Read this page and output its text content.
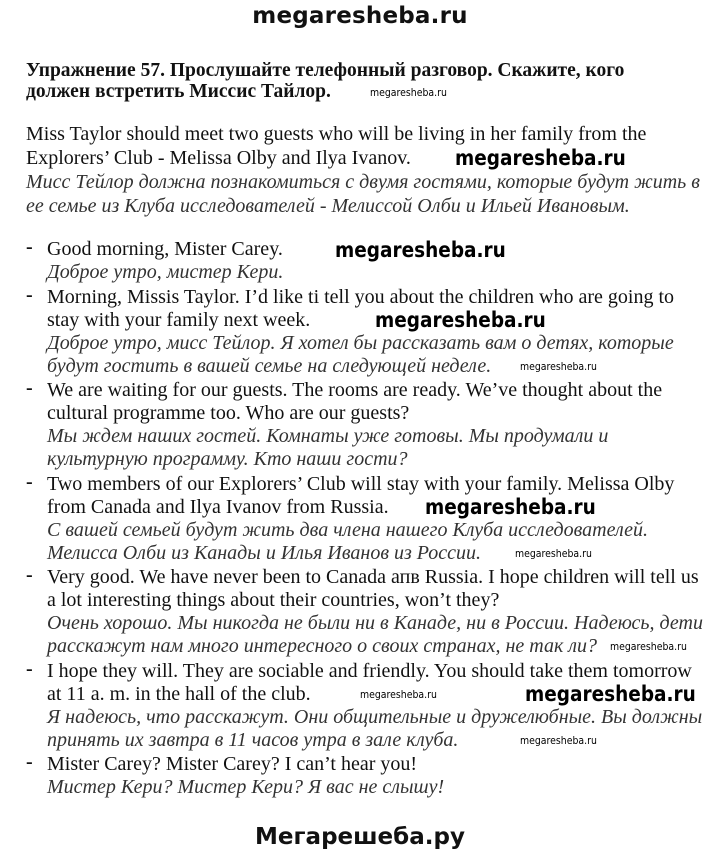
megaresheba.ru
Упражнение 57. Прослушайте телефонный разговор. Скажите, кого
должен встретить Миссис Тайлор.
Miss Taylor should meet two guests who will be living in her family from the
Explorers’ Club - Melissa Olby and Ilya Ivanov.
Мисс Тейлор должна познакомиться с двумя гостями, которые будут жить в
ее семье из Клуба исследователей - Мелиссой Олби и Ильей Ивановым.
- Good morning, Mister Carey.
Доброе утро, мистер Кери.
- Morning, Missis Taylor. I’d like ti tell you about the children who are going to
stay with your family next week.
Доброе утро, мисс Тейлор. Я хотел бы рассказать вам о детях, которые
будут гостить в вашей семье на следующей неделе.
- We are waiting for our guests. The rooms are ready. We’ve thought about the
cultural programme too. Who are our guests?
Мы ждем наших гостей. Комнаты уже готовы. Мы продумали и
культурную программу. Кто наши гости?
- Two members of our Explorers’ Club will stay with your family. Melissa Olby
from Canada and Ilya Ivanov from Russia.
С вашей семьей будут жить два члена нашего Клуба исследователей.
Мелисса Олби из Канады и Илья Иванов из России.
- Very good. We have never been to Canada апв Russia. I hope children will tell us
a lot interesting things about their countries, won’t they?
Очень хорошо. Мы никогда не были ни в Канаде, ни в России. Надеюсь, дети
расскажут нам много интересного о своих странах, не так ли?
- I hope they will. They are sociable and friendly. You should take them tomorrow
at 11 a. m. in the hall of the club.
Я надеюсь, что расскажут. Они общительные и дружелюбные. Вы должны
принять их завтра в 11 часов утра в зале клуба.
- Mister Carey? Mister Carey? I can’t hear you!
Мистер Кери? Мистер Кери? Я вас не слышу!
megaresheba.ru
megaresheba.ru
megaresheba.ru
megaresheba.ru
megaresheba.ru
megaresheba.ru
megaresheba.ru
megaresheba.ru
megaresheba.ru	megaresheba.ru
megaresheba.ru
Мегарешеба.ру
